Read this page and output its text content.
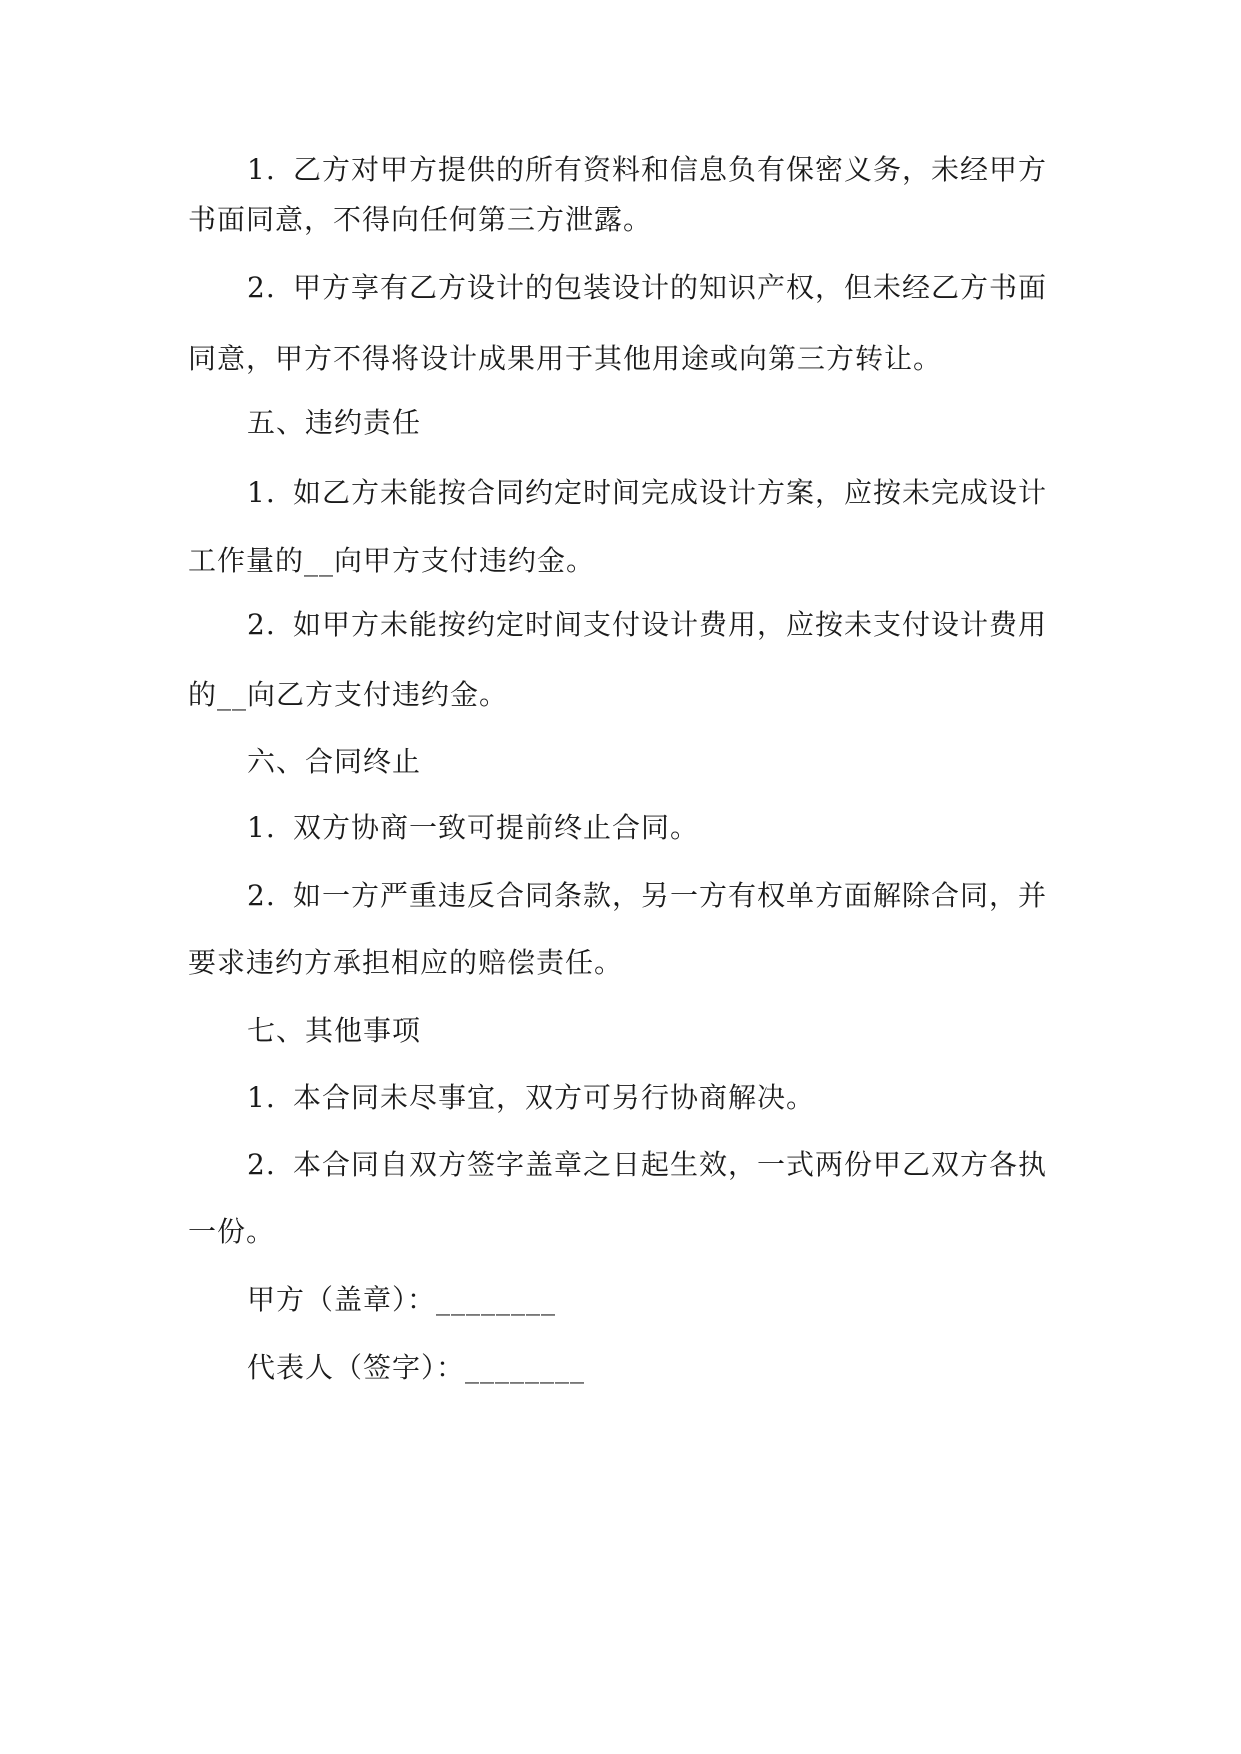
1. 乙方对甲方提供的所有资料和信息负有保密义务，未经甲方
书面同意，不得向任何第三方泄露。
2. 甲方享有乙方设计的包装设计的知识产权，但未经乙方书面
同意，甲方不得将设计成果用于其他用途或向第三方转让。
五、违约责任
1. 如乙方未能按合同约定时间完成设计方案，应按未完成设计
工作量的__向甲方支付违约金。
2. 如甲方未能按约定时间支付设计费用，应按未支付设计费用
的__向乙方支付违约金。
六、合同终止
1. 双方协商一致可提前终止合同。
2. 如一方严重违反合同条款，另一方有权单方面解除合同，并
要求违约方承担相应的赔偿责任。
七、其他事项
1. 本合同未尽事宜，双方可另行协商解决。
2. 本合同自双方签字盖章之日起生效，一式两份甲乙双方各执
一份。
甲方（盖章）：________
代表人（签字）：________
